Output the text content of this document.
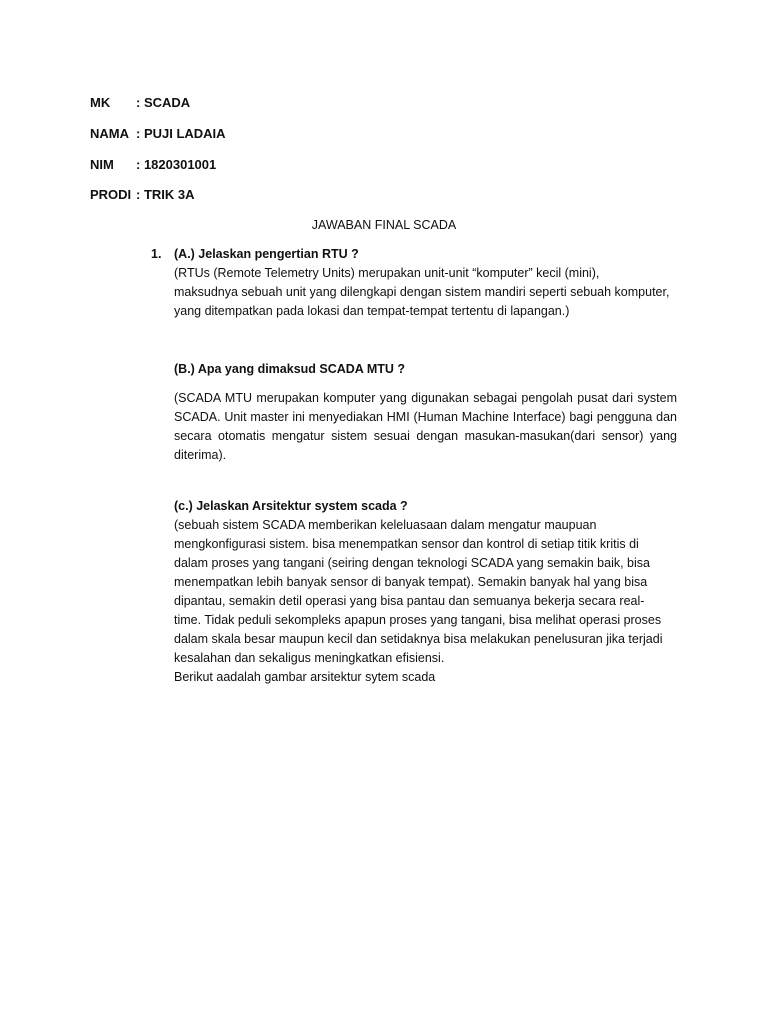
MK : SCADA
NAMA : PUJI LADAIA
NIM : 1820301001
PRODI : TRIK 3A
JAWABAN FINAL SCADA
1. (A.) Jelaskan pengertian RTU ?
(RTUs (Remote Telemetry Units) merupakan unit-unit “komputer” kecil (mini),
maksudnya sebuah unit yang dilengkapi dengan sistem mandiri seperti sebuah komputer,
yang ditempatkan pada lokasi dan tempat-tempat tertentu di lapangan.)
(B.) Apa yang dimaksud SCADA MTU ?
(SCADA MTU merupakan komputer yang digunakan sebagai pengolah pusat dari system
SCADA. Unit master ini menyediakan HMI (Human Machine Interface) bagi pengguna dan
secara otomatis mengatur sistem sesuai dengan masukan-masukan(dari sensor) yang
diterima).
(c.) Jelaskan Arsitektur system scada ?
(sebuah sistem SCADA memberikan keleluasaan dalam mengatur maupuan
mengkonfigurasi sistem. bisa menempatkan sensor dan kontrol di setiap titik kritis di
dalam proses yang tangani (seiring dengan teknologi SCADA yang semakin baik, bisa
menempatkan lebih banyak sensor di banyak tempat). Semakin banyak hal yang bisa
dipantau, semakin detil operasi yang bisa pantau dan semuanya bekerja secara real-
time. Tidak peduli sekompleks apapun proses yang tangani, bisa melihat operasi proses
dalam skala besar maupun kecil dan setidaknya bisa melakukan penelusuran jika terjadi
kesalahan dan sekaligus meningkatkan efisiensi.
Berikut aadalah gambar arsitektur sytem scada
